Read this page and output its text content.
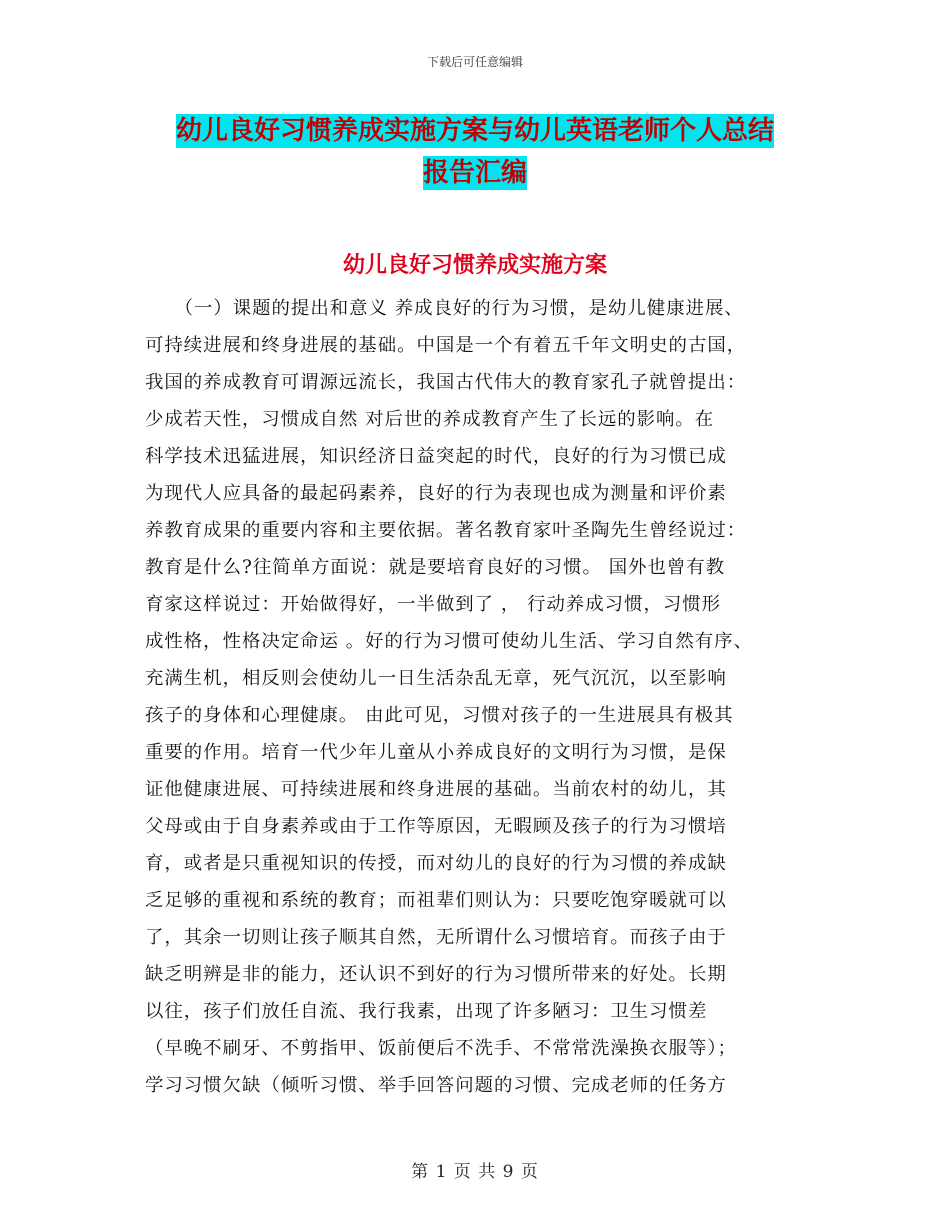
下载后可任意编辑
幼儿良好习惯养成实施方案与幼儿英语老师个人总结
报告汇编
幼儿良好习惯养成实施方案
　　（一）课题的提出和意义 养成良好的行为习惯，是幼儿健康进展、
可持续进展和终身进展的基础。中国是一个有着五千年文明史的古国，
我国的养成教育可谓源远流长，我国古代伟大的教育家孔子就曾提出：
少成若天性，习惯成自然 对后世的养成教育产生了长远的影响。在
科学技术迅猛进展，知识经济日益突起的时代，良好的行为习惯已成
为现代人应具备的最起码素养，良好的行为表现也成为测量和评价素
养教育成果的重要内容和主要依据。著名教育家叶圣陶先生曾经说过：
教育是什么?往简单方面说：就是要培育良好的习惯。 国外也曾有教
育家这样说过：开始做得好，一半做到了 ， 行动养成习惯，习惯形
成性格，性格决定命运 。好的行为习惯可使幼儿生活、学习自然有序、
充满生机，相反则会使幼儿一日生活杂乱无章，死气沉沉，以至影响
孩子的身体和心理健康。 由此可见，习惯对孩子的一生进展具有极其
重要的作用。培育一代少年儿童从小养成良好的文明行为习惯，是保
证他健康进展、可持续进展和终身进展的基础。当前农村的幼儿，其
父母或由于自身素养或由于工作等原因，无暇顾及孩子的行为习惯培
育，或者是只重视知识的传授，而对幼儿的良好的行为习惯的养成缺
乏足够的重视和系统的教育；而祖辈们则认为：只要吃饱穿暖就可以
了，其余一切则让孩子顺其自然，无所谓什么习惯培育。而孩子由于
缺乏明辨是非的能力，还认识不到好的行为习惯所带来的好处。长期
以往，孩子们放任自流、我行我素，出现了许多陋习：卫生习惯差
（早晚不刷牙、不剪指甲、饭前便后不洗手、不常常洗澡换衣服等）；
学习习惯欠缺（倾听习惯、举手回答问题的习惯、完成老师的任务方
第 1 页 共 9 页
